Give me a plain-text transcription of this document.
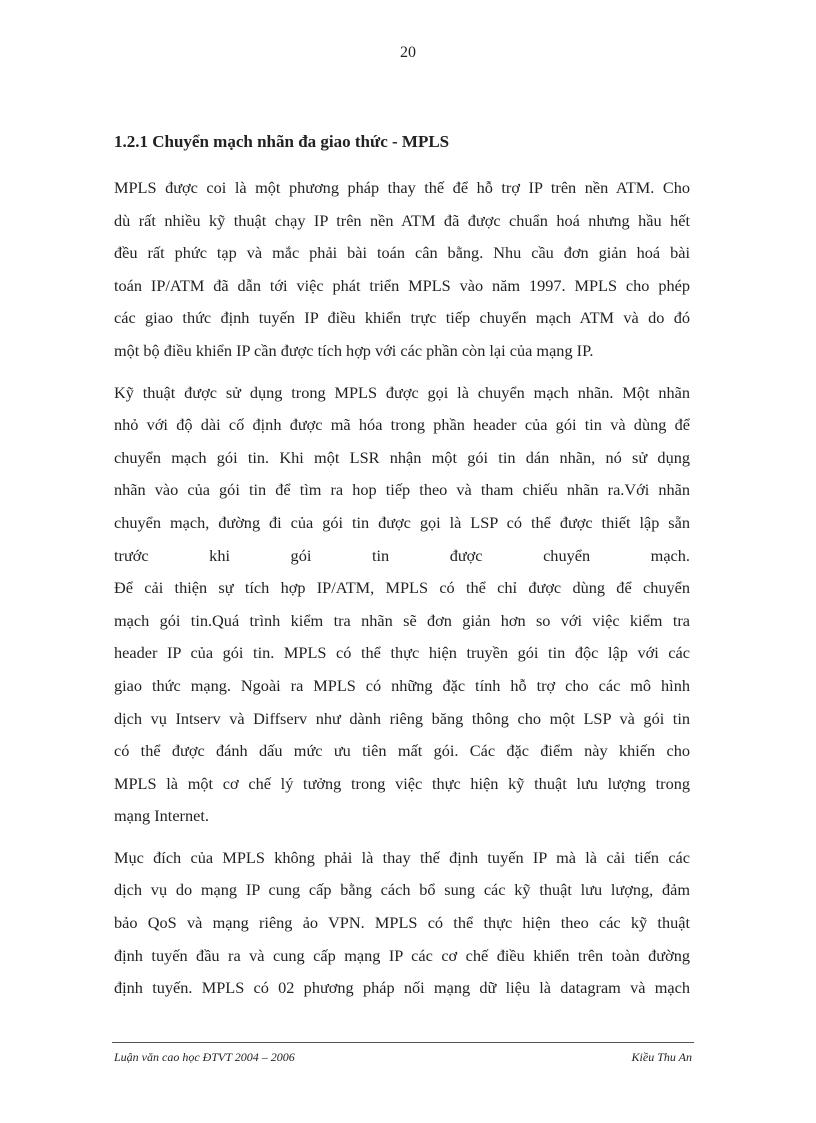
20
1.2.1 Chuyển mạch nhãn đa giao thức - MPLS
MPLS được coi là một phương pháp thay thế để hỗ trợ IP trên nền ATM. Cho
dù rất nhiều kỹ thuật chạy IP trên nền ATM đã được chuẩn hoá nhưng hầu hết
đều rất phức tạp và mắc phải bài toán cân bằng. Nhu cầu đơn giản hoá bài
toán IP/ATM đã dẫn tới việc phát triển MPLS vào năm 1997. MPLS cho phép
các giao thức định tuyến IP điều khiển trực tiếp chuyển mạch ATM và do đó
một bộ điều khiển IP cần được tích hợp với các phần còn lại của mạng IP.
Kỹ thuật được sử dụng trong MPLS được gọi là chuyển mạch nhãn. Một nhãn
nhỏ với độ dài cố định được mã hóa trong phần header của gói tin và dùng để
chuyển mạch gói tin. Khi một LSR nhận một gói tin dán nhãn, nó sử dụng
nhãn vào của gói tin để tìm ra hop tiếp theo và tham chiếu nhãn ra.Với nhãn
chuyển mạch, đường đi của gói tin được gọi là LSP có thể được thiết lập sẵn
trước khi gói tin được chuyển mạch.
Để cải thiện sự tích hợp IP/ATM, MPLS có thể chỉ được dùng để chuyển
mạch gói tin.Quá trình kiểm tra nhãn sẽ đơn giản hơn so với việc kiểm tra
header IP của gói tin. MPLS có thể thực hiện truyền gói tin độc lập với các
giao thức mạng. Ngoài ra MPLS có những đặc tính hỗ trợ cho các mô hình
dịch vụ Intserv và Diffserv như dành riêng băng thông cho một LSP và gói tin
có thể được đánh dấu mức ưu tiên mất gói. Các đặc điểm này khiến cho
MPLS là một cơ chế lý tưởng trong việc thực hiện kỹ thuật lưu lượng trong
mạng Internet.
Mục đích của MPLS không phải là thay thế định tuyến IP mà là cải tiến các
dịch vụ do mạng IP cung cấp bằng cách bổ sung các kỹ thuật lưu lượng, đảm
bảo QoS và mạng riêng ảo VPN. MPLS có thể thực hiện theo các kỹ thuật
định tuyến đầu ra và cung cấp mạng IP các cơ chế điều khiển trên toàn đường
định tuyến. MPLS có 02 phương pháp nối mạng dữ liệu là datagram và mạch
Luận văn cao học ĐTVT 2004 – 2006	Kiều Thu An
